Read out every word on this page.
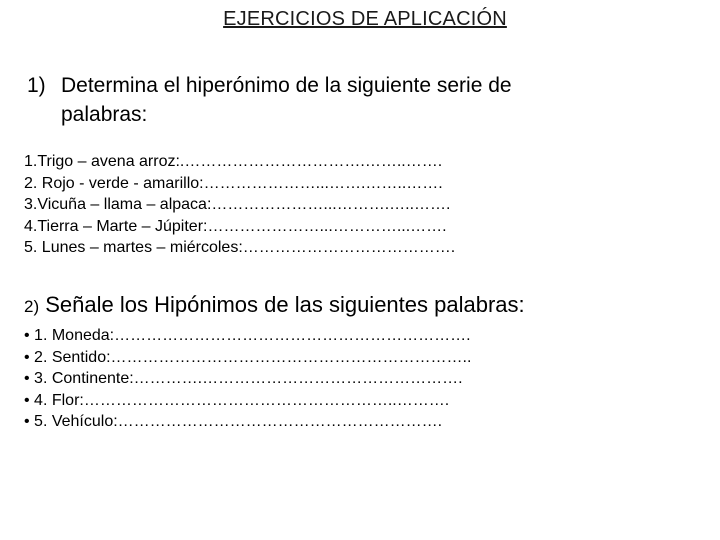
EJERCICIOS DE APLICACIÓN
1) Determina el hiperónimo de la siguiente serie de
palabras:
1.Trigo – avena arroz:.…………………………….……..…….
2. Rojo - verde - amarillo:…………………...…….……..…….
3.Vicuña – llama – alpaca:…………………...……….…..…….
4.Tierra – Marte – Júpiter:…………………...…………...…….
5. Lunes – martes – miércoles:………………………………….
2) Señale los Hipónimos de las siguientes palabras:
• 1. Moneda:………………………………………………………….
• 2. Sentido:…………………………………………………………..
• 3. Continente:………….………………………………………….
• 4. Flor:…………………………………………………..……….
• 5. Vehículo:…………………………………………………….
